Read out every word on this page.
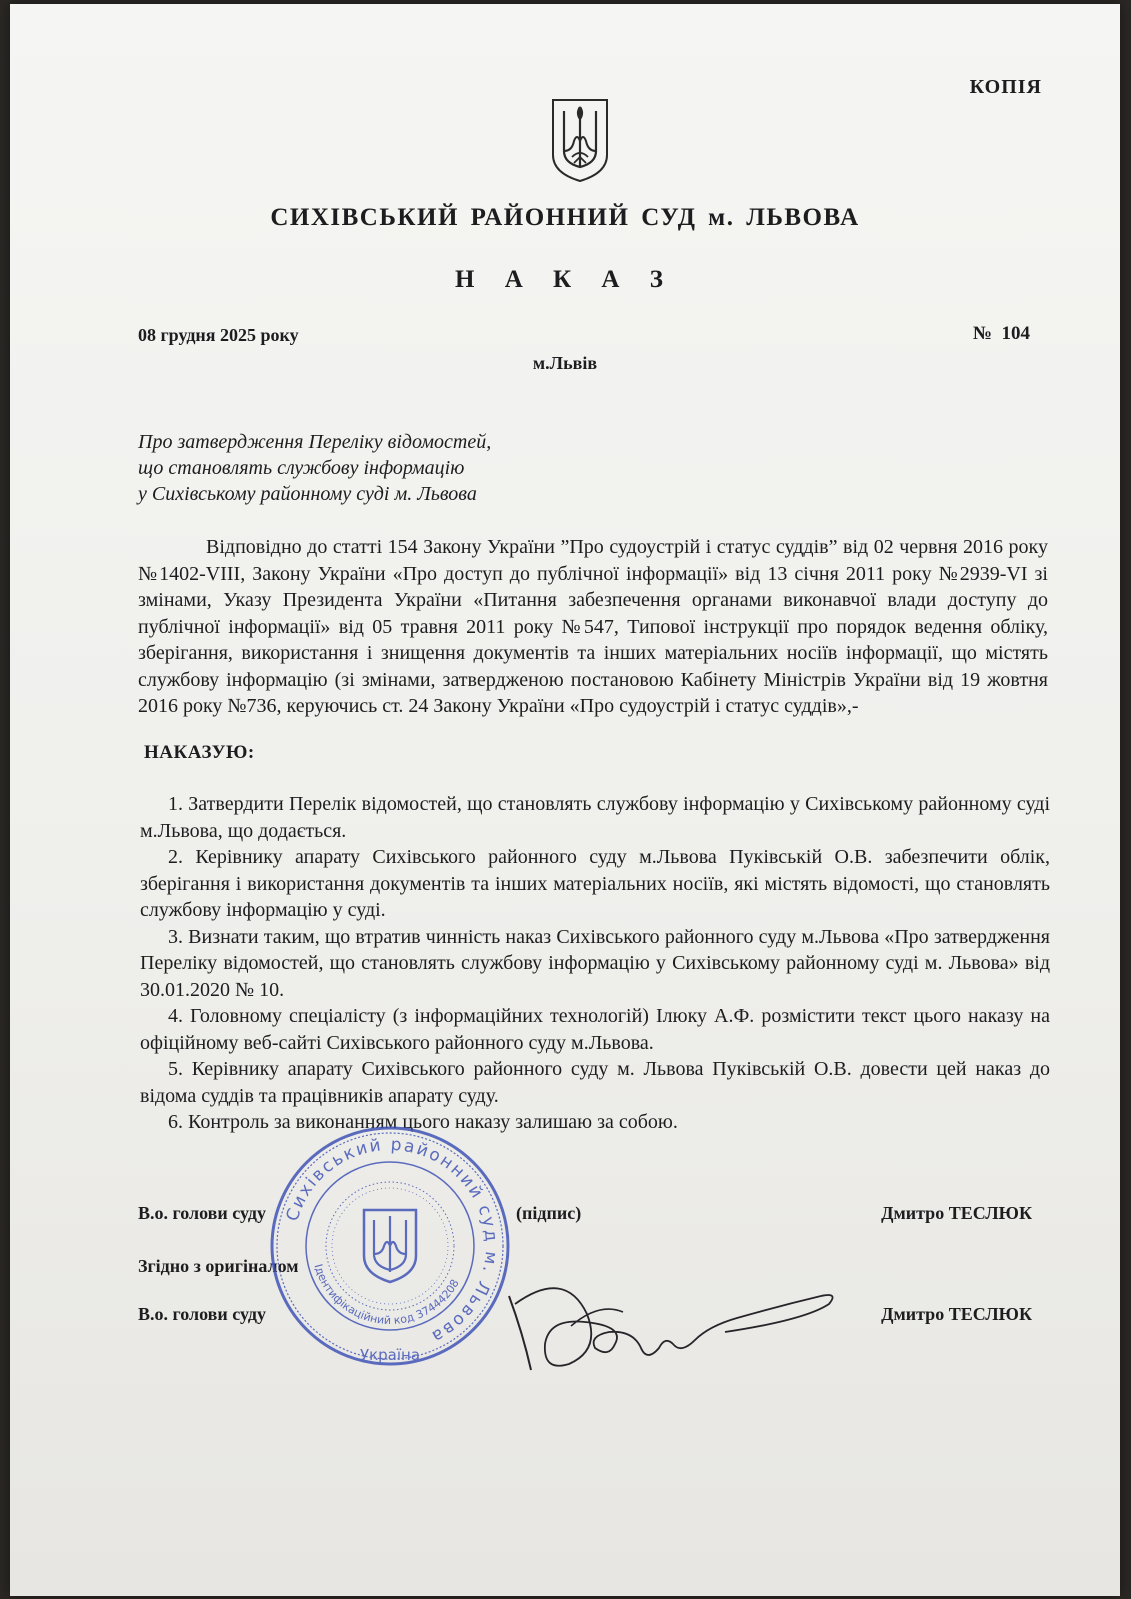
КОПІЯ
СИХІВСЬКИЙ РАЙОННИЙ СУД м. ЛЬВОВА
Н А К А З
08 грудня 2025 року	№  104
м.Львів
Про затвердження Переліку відомостей,
що становлять службову інформацію
у Сихівському районному суді м. Львова

Відповідно до статті 154 Закону України ”Про судоустрій і статус суддів” від 02 червня 2016 року №1402-VIII, Закону України «Про доступ до публічної інформації» від 13 січня 2011 року №2939-VI зі змінами, Указу Президента України «Питання забезпечення органами виконавчої влади доступу до публічної інформації» від 05 травня 2011 року №547, Типової інструкції про порядок ведення обліку, зберігання, використання і знищення документів та інших матеріальних носіїв інформації, що містять службову інформацію (зі змінами, затвердженою постановою Кабінету Міністрів України від 19 жовтня 2016 року №736, керуючись ст. 24 Закону України «Про судоустрій і статус суддів»,-

НАКАЗУЮ:

1. Затвердити Перелік відомостей, що становлять службову інформацію у Сихівському районному суді м.Львова, що додається.

2. Керівнику апарату Сихівського районного суду м.Львова Пуківській О.В. забезпечити облік, зберігання і використання документів та інших матеріальних носіїв, які містять відомості, що становлять службову інформацію у суді.

3. Визнати таким, що втратив чинність наказ Сихівського районного суду м.Львова «Про затвердження Переліку відомостей, що становлять службову інформацію у Сихівському районному суді м. Львова» від 30.01.2020 № 10.

4. Головному спеціалісту (з інформаційних технологій) Ілюку А.Ф. розмістити текст цього наказу на офіційному веб-сайті Сихівського районного суду м.Львова.

5. Керівнику апарату Сихівського районного суду м. Львова Пуківській О.В. довести цей наказ до відома суддів та працівників апарату суду.

6. Контроль за виконанням цього наказу залишаю за собою.

В.о. голови суду	(підпис)	Дмитро ТЕСЛЮК
Згідно з оригіналом
В.о. голови суду	Дмитро ТЕСЛЮК
Сихівський районний суд м. Львова
Ідентифікаційний код 37444208
Україна
